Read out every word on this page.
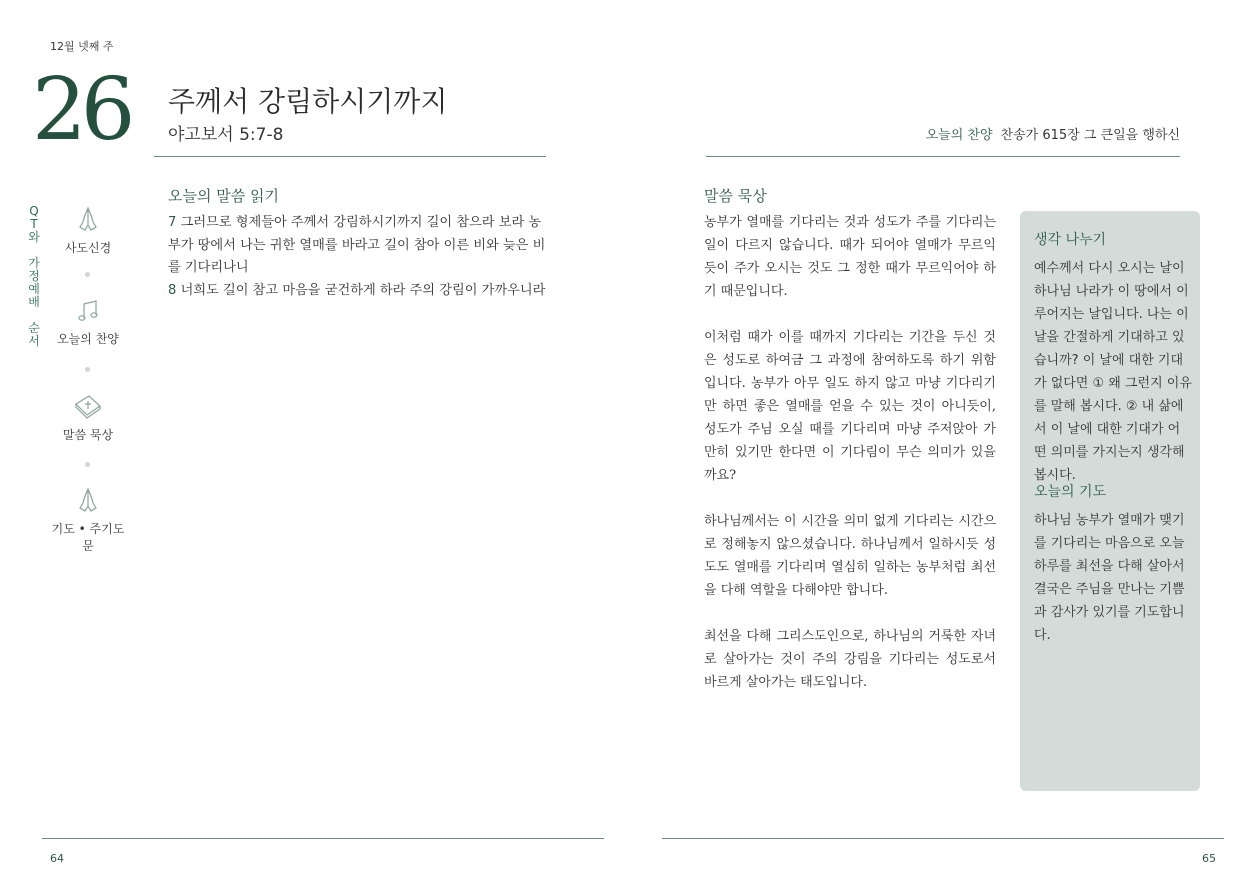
12월 넷째 주
26 주께서 강림하시기까지
야고보서 5:7-8
Q
T
와
가
정
예
배
순
서
사도신경
오늘의 찬양
말씀 묵상
기도 • 주기도문
오늘의 말씀 읽기
7 그러므로 형제들아 주께서 강림하시기까지 길이 참으라 보라 농부가 땅에서 나는 귀한 열매를 바라고 길이 참아 이른 비와 늦은 비를 기다리나니
8 너희도 길이 참고 마음을 굳건하게 하라 주의 강림이 가까우니라
64
오늘의 찬양 찬송가 615장 그 큰일을 행하신
말씀 묵상

농부가 열매를 기다리는 것과 성도가 주를 기다리는 일이 다르지 않습니다. 때가 되어야 열매가 무르익듯이 주가 오시는 것도 그 정한 때가 무르익어야 하기 때문입니다.

이처럼 때가 이를 때까지 기다리는 기간을 두신 것은 성도로 하여금 그 과정에 참여하도록 하기 위함입니다. 농부가 아무 일도 하지 않고 마냥 기다리기만 하면 좋은 열매를 얻을 수 있는 것이 아니듯이, 성도가 주님 오실 때를 기다리며 마냥 주저앉아 가만히 있기만 한다면 이 기다림이 무슨 의미가 있을까요?

하나님께서는 이 시간을 의미 없게 기다리는 시간으로 정해놓지 않으셨습니다. 하나님께서 일하시듯 성도도 열매를 기다리며 열심히 일하는 농부처럼 최선을 다해 역할을 다해야만 합니다.

최선을 다해 그리스도인으로, 하나님의 거룩한 자녀로 살아가는 것이 주의 강림을 기다리는 성도로서 바르게 살아가는 태도입니다.

생각 나누기
예수께서 다시 오시는 날이 하나님 나라가 이 땅에서 이루어지는 날입니다. 나는 이 날을 간절하게 기대하고 있습니까? 이 날에 대한 기대가 없다면 ① 왜 그런지 이유를 말해 봅시다. ② 내 삶에서 이 날에 대한 기대가 어떤 의미를 가지는지 생각해 봅시다.
오늘의 기도
하나님 농부가 열매가 맺기를 기다리는 마음으로 오늘 하루를 최선을 다해 살아서 결국은 주님을 만나는 기쁨과 감사가 있기를 기도합니다.
65
